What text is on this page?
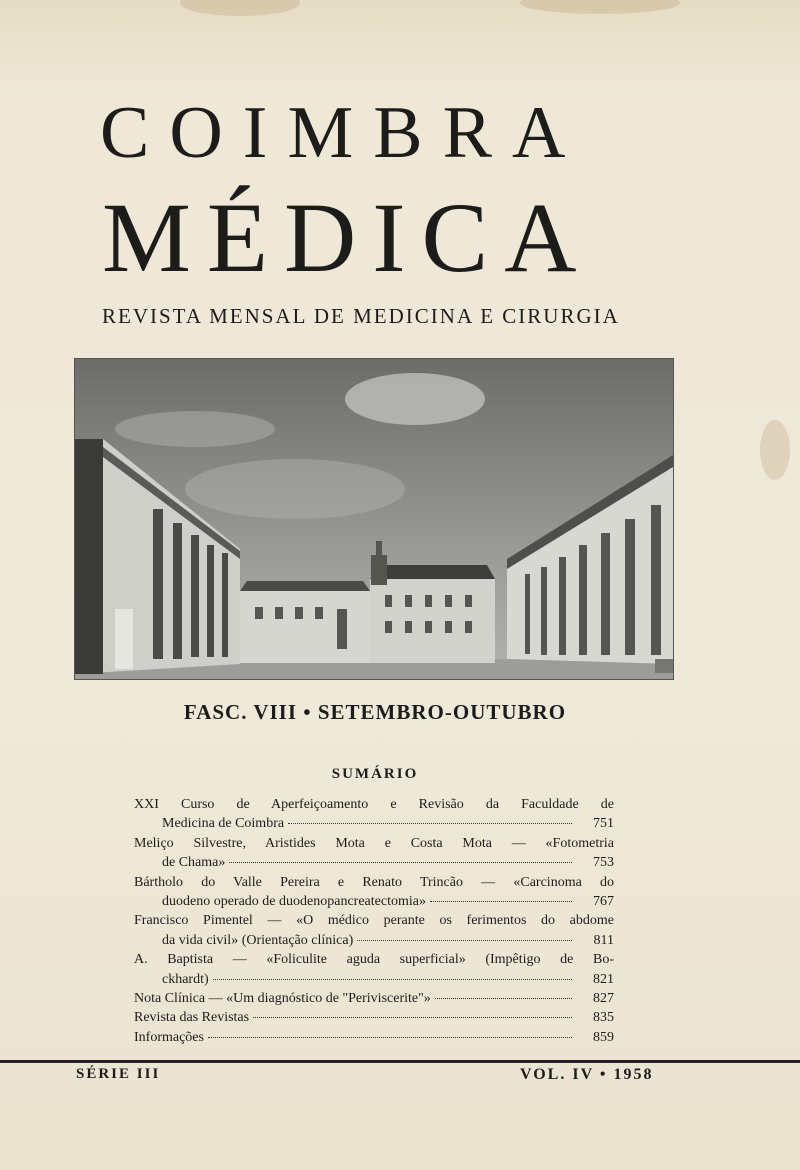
COIMBRA
MÉDICA
REVISTA MENSAL DE MEDICINA E CIRURGIA
FASC. VIII • SETEMBRO-OUTUBRO
SUMÁRIO
XXI Curso de Aperfeiçoamento e Revisão da Faculdade de
Medicina de Coimbra	751
Meliço Silvestre, Aristides Mota e Costa Mota — «Fotometria
de Chama»	753
Bártholo do Valle Pereira e Renato Trincão — «Carcinoma do
duodeno operado de duodenopancreatectomia»	767
Francisco Pimentel — «O médico perante os ferimentos do abdome
da vida civil» (Orientação clínica)	811
A. Baptista — «Foliculite aguda superficial» (Impêtigo de Bo-
ckhardt)	821
Nota Clínica — «Um diagnóstico de "Periviscerite"»	827
Revista das Revistas	835
Informações	859
SÉRIE III	VOL. IV • 1958
